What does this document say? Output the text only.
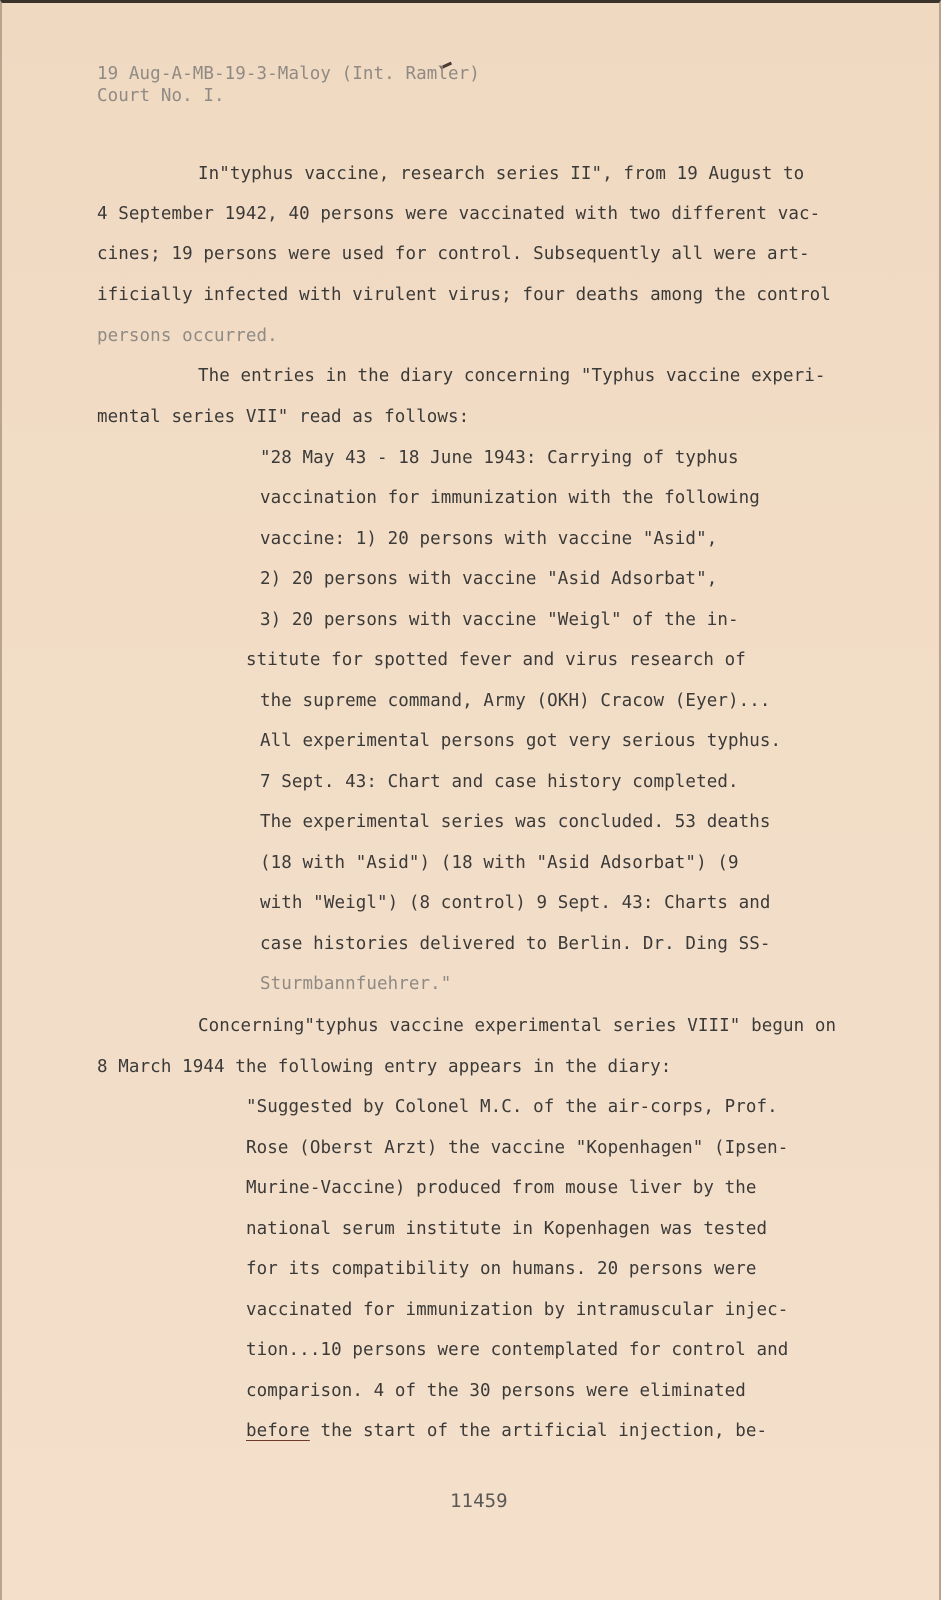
19 Aug-A-MB-19-3-Maloy (Int. Ramler)
Court No. I.
In"typhus vaccine, research series II", from 19 August to
4 September 1942, 40 persons were vaccinated with two different vac-
cines; 19 persons were used for control. Subsequently all were art-
ificially infected with virulent virus; four deaths among the control
persons occurred.
The entries in the diary concerning "Typhus vaccine experi-
mental series VII" read as follows:
"28 May 43 - 18 June 1943: Carrying of typhus
vaccination for immunization with the following
vaccine: 1) 20 persons with vaccine "Asid",
2) 20 persons with vaccine "Asid Adsorbat",
3) 20 persons with vaccine "Weigl" of the in-
stitute for spotted fever and virus research of
the supreme command, Army (OKH) Cracow (Eyer)...
All experimental persons got very serious typhus.
7 Sept. 43: Chart and case history completed.
The experimental series was concluded. 53 deaths
(18 with "Asid") (18 with "Asid Adsorbat") (9
with "Weigl") (8 control) 9 Sept. 43: Charts and
case histories delivered to Berlin. Dr. Ding SS-
Sturmbannfuehrer."
Concerning"typhus vaccine experimental series VIII" begun on
8 March 1944 the following entry appears in the diary:
"Suggested by Colonel M.C. of the air-corps, Prof.
Rose (Oberst Arzt) the vaccine "Kopenhagen" (Ipsen-
Murine-Vaccine) produced from mouse liver by the
national serum institute in Kopenhagen was tested
for its compatibility on humans. 20 persons were
vaccinated for immunization by intramuscular injec-
tion...10 persons were contemplated for control and
comparison. 4 of the 30 persons were eliminated
before the start of the artificial injection, be-
11459
